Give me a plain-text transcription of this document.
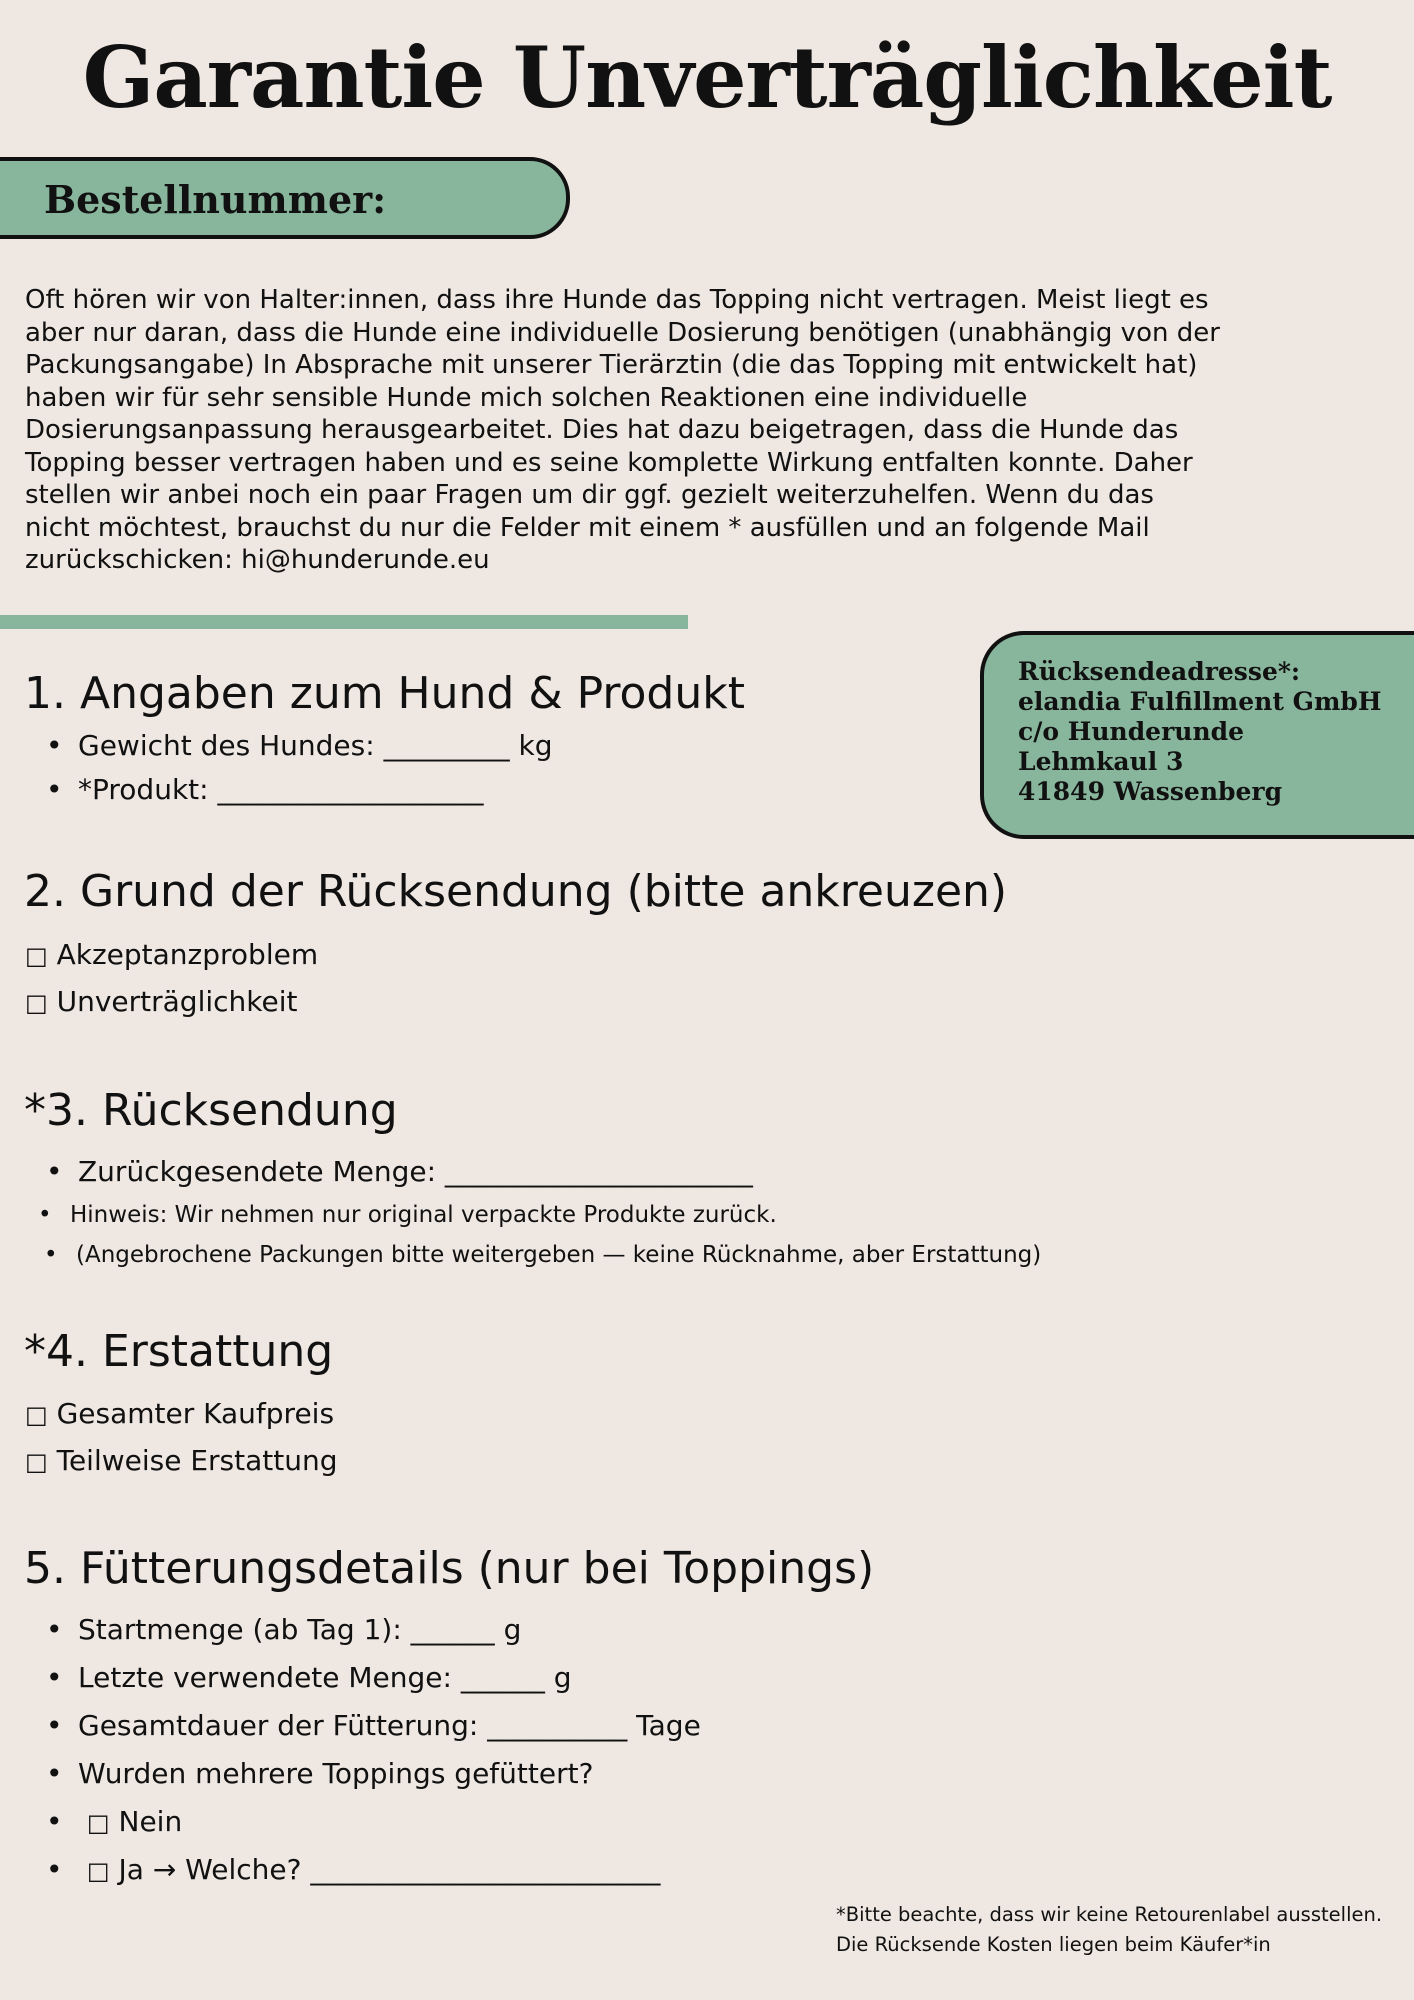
Garantie Unverträglichkeit

Bestellnummer:

Oft hören wir von Halter:innen, dass ihre Hunde das Topping nicht vertragen. Meist liegt es aber nur daran, dass die Hunde eine individuelle Dosierung benötigen (unabhängig von der Packungsangabe) In Absprache mit unserer Tierärztin (die das Topping mit entwickelt hat) haben wir für sehr sensible Hunde mich solchen Reaktionen eine individuelle Dosierungsanpassung herausgearbeitet. Dies hat dazu beigetragen, dass die Hunde das Topping besser vertragen haben und es seine komplette Wirkung entfalten konnte. Daher stellen wir anbei noch ein paar Fragen um dir ggf. gezielt weiterzuhelfen. Wenn du das nicht möchtest, brauchst du nur die Felder mit einem * ausfüllen und an folgende Mail zurückschicken: hi@hunderunde.eu

Rücksendeadresse*:
elandia Fulfillment GmbH
c/o Hunderunde
Lehmkaul 3
41849 Wassenberg
1. Angaben zum Hund & Produkt

• Gewicht des Hundes: _________ kg

• *Produkt: ___________________

2. Grund der Rücksendung (bitte ankreuzen)

□ Akzeptanzproblem

□ Unverträglichkeit

*3. Rücksendung

• Zurückgesendete Menge: ______________________

• Hinweis: Wir nehmen nur original verpackte Produkte zurück.

• (Angebrochene Packungen bitte weitergeben — keine Rücknahme, aber Erstattung)

*4. Erstattung

□ Gesamter Kaufpreis

□ Teilweise Erstattung

5. Fütterungsdetails (nur bei Toppings)

• Startmenge (ab Tag 1): ______ g

• Letzte verwendete Menge: ______ g

• Gesamtdauer der Fütterung: __________ Tage

• Wurden mehrere Toppings gefüttert?

• □ Nein

• □ Ja → Welche? _________________________

*Bitte beachte, dass wir keine Retourenlabel ausstellen.
Die Rücksende Kosten liegen beim Käufer*in
